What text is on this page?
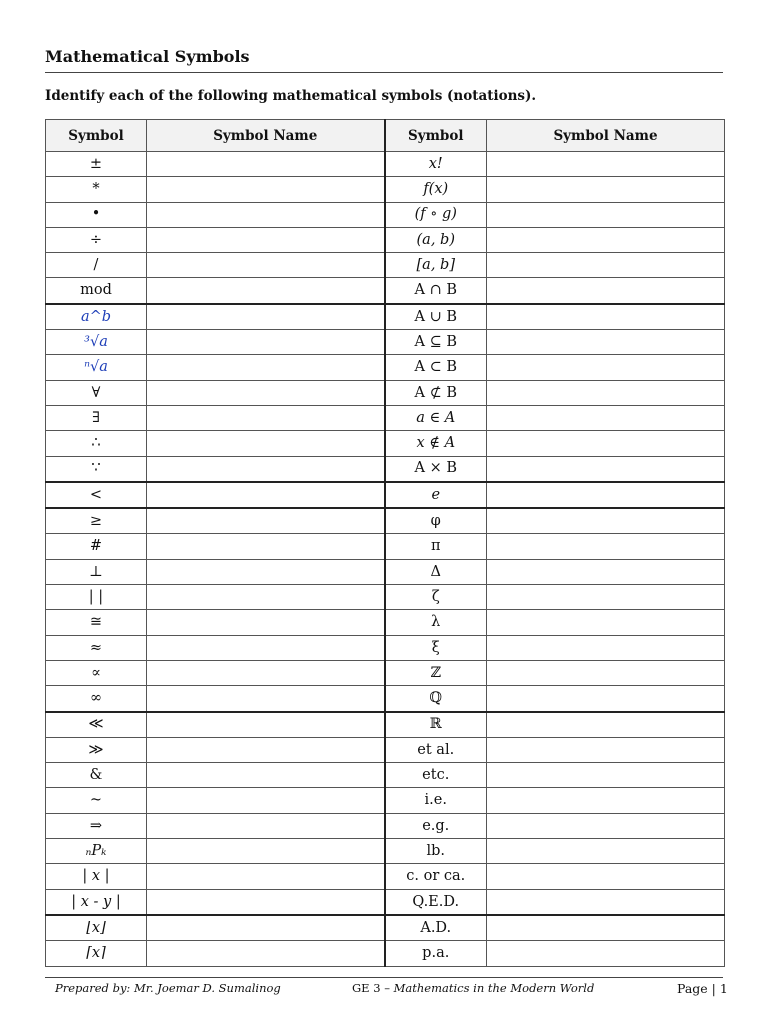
Mathematical Symbols
Identify each of the following mathematical symbols (notations).
Symbol	Symbol Name	Symbol	Symbol Name
±		x!	
*		f(x)	
•		(f ∘ g)	
÷		(a, b)	
/		[a, b]	
mod		A ∩ B	
a^b		A ∪ B	
³√a		A ⊆ B	
ⁿ√a		A ⊂ B	
∀		A ⊄ B	
∃		a ∈ A	
∴		x ∉ A	
∵		A × B	
<		e	
≥		φ	
#		π	
⊥		Δ	
| |		ζ	
≅		λ	
≈		ξ	
∝		ℤ	
∞		ℚ	
≪		ℝ	
≫		et al.	
&		etc.	
~		i.e.	
⇒		e.g.	
ₙPₖ		lb.	
| x |		c. or ca.	
| x - y |		Q.E.D.	
⌊x⌋		A.D.	
⌈x⌉		p.a.	
Prepared by: Mr. Joemar D. Sumalinog	GE 3 – Mathematics in the Modern World	Page | 1
